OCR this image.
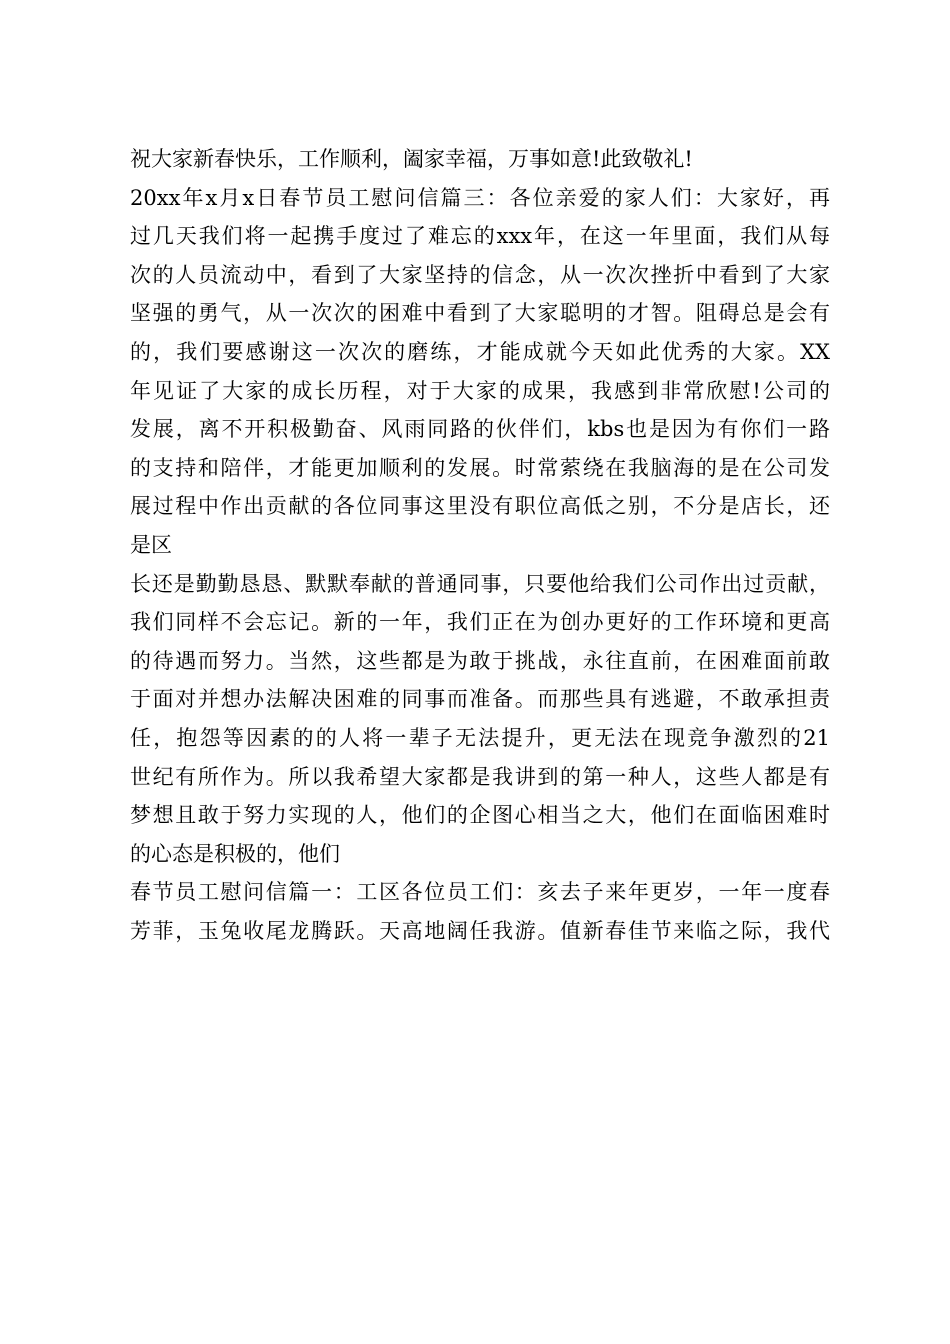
祝大家新春快乐，工作顺利，阖家幸福，万事如意!此致敬礼!
20xx年x月x日春节员工慰问信篇三：各位亲爱的家人们：大家好，再
过几天我们将一起携手度过了难忘的xxx年，在这一年里面，我们从每
次的人员流动中，看到了大家坚持的信念，从一次次挫折中看到了大家
坚强的勇气，从一次次的困难中看到了大家聪明的才智。阻碍总是会有
的，我们要感谢这一次次的磨练，才能成就今天如此优秀的大家。XX
年见证了大家的成长历程，对于大家的成果，我感到非常欣慰!公司的
发展，离不开积极勤奋、风雨同路的伙伴们，kbs也是因为有你们一路
的支持和陪伴，才能更加顺利的发展。时常萦绕在我脑海的是在公司发
展过程中作出贡献的各位同事这里没有职位高低之别，不分是店长，还
是区
长还是勤勤恳恳、默默奉献的普通同事，只要他给我们公司作出过贡献，
我们同样不会忘记。新的一年，我们正在为创办更好的工作环境和更高
的待遇而努力。当然，这些都是为敢于挑战，永往直前，在困难面前敢
于面对并想办法解决困难的同事而准备。而那些具有逃避，不敢承担责
任，抱怨等因素的的人将一辈子无法提升，更无法在现竞争激烈的21
世纪有所作为。所以我希望大家都是我讲到的第一种人，这些人都是有
梦想且敢于努力实现的人，他们的企图心相当之大，他们在面临困难时
的心态是积极的，他们
春节员工慰问信篇一：工区各位员工们：亥去子来年更岁，一年一度春
芳菲，玉兔收尾龙腾跃。天高地阔任我游。值新春佳节来临之际，我代
